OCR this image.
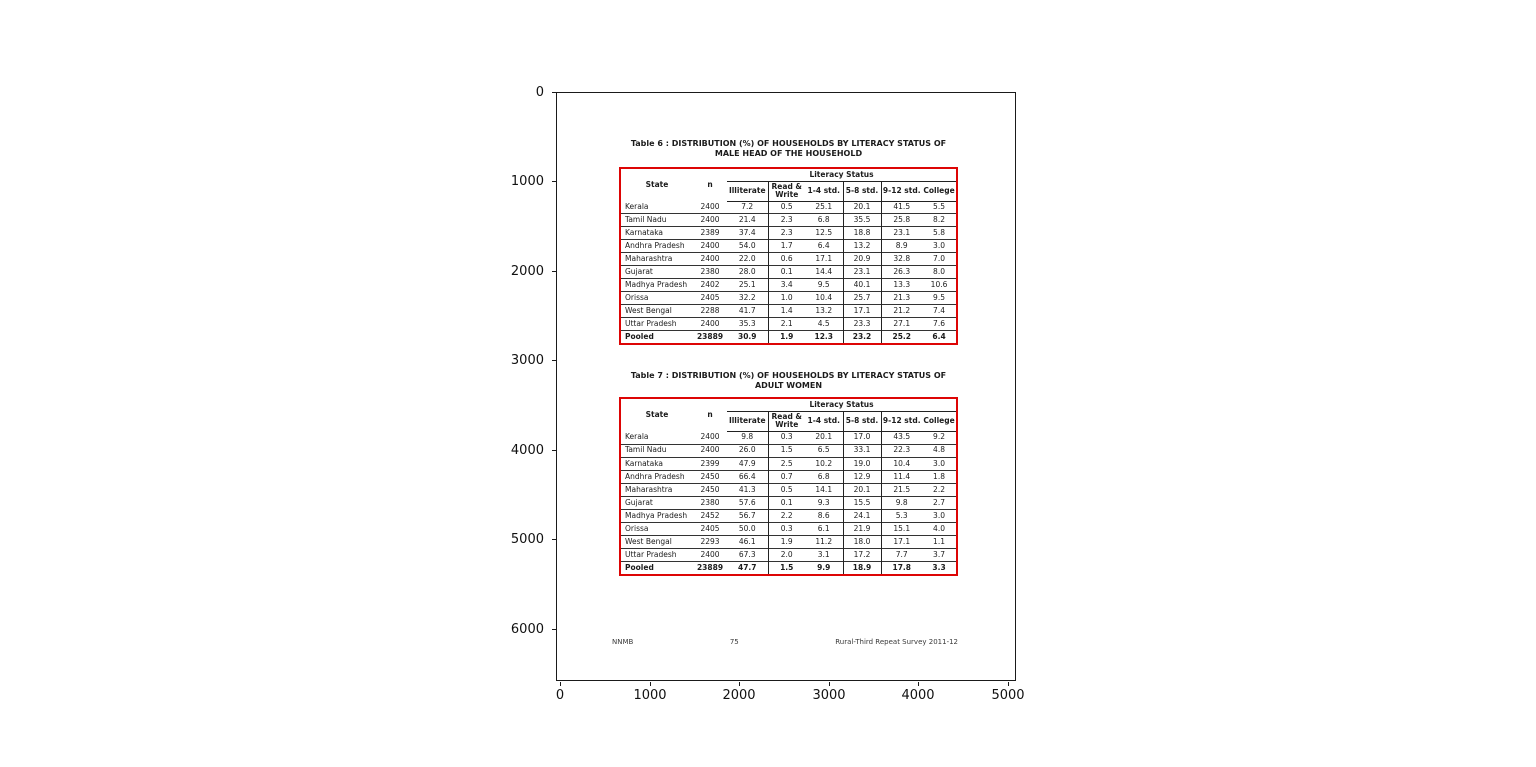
0
1000
2000
3000
4000
5000
6000
0	1000	2000	3000	4000	5000
Table 6 : DISTRIBUTION (%) OF HOUSEHOLDS BY LITERACY STATUS OF
MALE HEAD OF THE HOUSEHOLD
State	n	Literacy Status					
		Illiterate	Read & Write	1-4 std.	5-8 std.	9-12 std.	College
Kerala	2400	7.2	0.5	25.1	20.1	41.5	5.5
Tamil Nadu	2400	21.4	2.3	6.8	35.5	25.8	8.2
Karnataka	2389	37.4	2.3	12.5	18.8	23.1	5.8
Andhra Pradesh	2400	54.0	1.7	6.4	13.2	8.9	3.0
Maharashtra	2400	22.0	0.6	17.1	20.9	32.8	7.0
Gujarat	2380	28.0	0.1	14.4	23.1	26.3	8.0
Madhya Pradesh	2402	25.1	3.4	9.5	40.1	13.3	10.6
Orissa	2405	32.2	1.0	10.4	25.7	21.3	9.5
West Bengal	2288	41.7	1.4	13.2	17.1	21.2	7.4
Uttar Pradesh	2400	35.3	2.1	4.5	23.3	27.1	7.6
Pooled	23889	30.9	1.9	12.3	23.2	25.2	6.4
Table 7 : DISTRIBUTION (%) OF HOUSEHOLDS BY LITERACY STATUS OF
ADULT WOMEN
State	n	Literacy Status					
		Illiterate	Read & Write	1-4 std.	5-8 std.	9-12 std.	College
Kerala	2400	9.8	0.3	20.1	17.0	43.5	9.2
Tamil Nadu	2400	26.0	1.5	6.5	33.1	22.3	4.8
Karnataka	2399	47.9	2.5	10.2	19.0	10.4	3.0
Andhra Pradesh	2450	66.4	0.7	6.8	12.9	11.4	1.8
Maharashtra	2450	41.3	0.5	14.1	20.1	21.5	2.2
Gujarat	2380	57.6	0.1	9.3	15.5	9.8	2.7
Madhya Pradesh	2452	56.7	2.2	8.6	24.1	5.3	3.0
Orissa	2405	50.0	0.3	6.1	21.9	15.1	4.0
West Bengal	2293	46.1	1.9	11.2	18.0	17.1	1.1
Uttar Pradesh	2400	67.3	2.0	3.1	17.2	7.7	3.7
Pooled	23889	47.7	1.5	9.9	18.9	17.8	3.3
NNMB	75	Rural-Third Repeat Survey 2011-12
